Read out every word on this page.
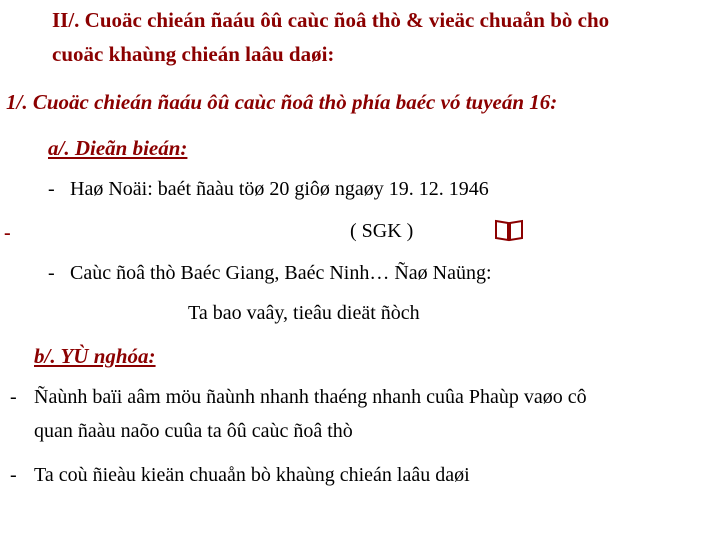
II/. Cuoäc chieán ñaáu ôû caùc ñoâ thò & vieäc chuaån bò cho
cuoäc khaùng chieán laâu daøi:
1/. Cuoäc chieán ñaáu ôû caùc ñoâ thò phía baéc vó tuyeán 16:
a/. Dieãn bieán:
- Haø Noäi: baét ñaàu töø 20 giôø ngaøy 19. 12. 1946
-	( SGK )
- Caùc ñoâ thò Baéc Giang, Baéc Ninh… Ñaø Naüng:
Ta bao vaây, tieâu dieät ñòch
b/. YÙ nghóa:
- Ñaùnh baïi aâm möu ñaùnh nhanh thaéng nhanh cuûa Phaùp vaøo cô
quan ñaàu naõo cuûa ta ôû caùc ñoâ thò
- Ta coù ñieàu kieän chuaån bò khaùng chieán laâu daøi
